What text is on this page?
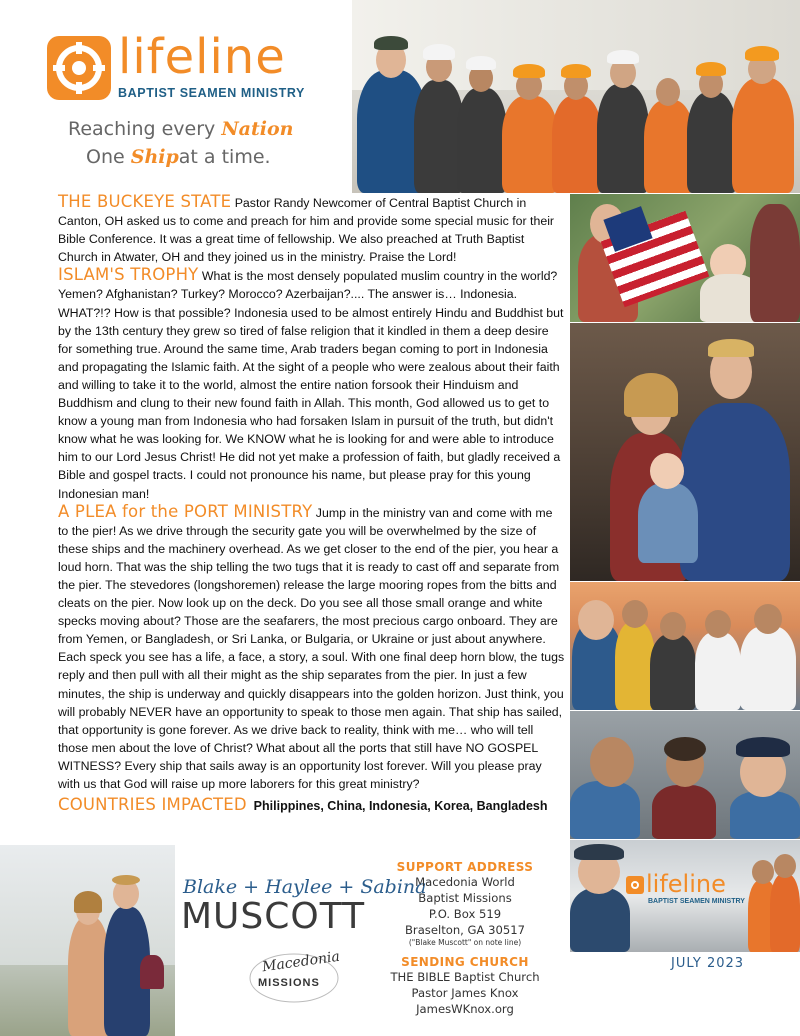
lifeline
BAPTIST SEAMEN MINISTRY
Reaching every Nation
One Shipat a time.
lifeline
BAPTIST SEAMEN MINISTRY

THE BUCKEYE STATE Pastor Randy Newcomer of Central Baptist Church in Canton, OH asked us to come and preach for him and provide some special music for their Bible Conference. It was a great time of fellowship. We also preached at Truth Baptist Church in Atwater, OH and they joined us in the ministry. Praise the Lord!

ISLAM'S TROPHY What is the most densely populated muslim country in the world? Yemen? Afghanistan? Turkey? Morocco? Azerbaijan?.... The answer is… Indonesia. WHAT?!? How is that possible? Indonesia used to be almost entirely Hindu and Buddhist but by the 13th century they grew so tired of false religion that it kindled in them a deep desire for something true. Around the same time, Arab traders began coming to port in Indonesia and propagating the Islamic faith. At the sight of a people who were zealous about their faith and willing to take it to the world, almost the entire nation forsook their Hinduism and Buddhism and clung to their new found faith in Allah. This month, God allowed us to get to know a young man from Indonesia who had forsaken Islam in pursuit of the truth, but didn't know what he was looking for. We KNOW what he is looking for and were able to introduce him to our Lord Jesus Christ! He did not yet make a profession of faith, but gladly received a Bible and gospel tracts. I could not pronounce his name, but please pray for this young Indonesian man!

A PLEA for the PORT MINISTRY Jump in the ministry van and come with me to the pier! As we drive through the security gate you will be overwhelmed by the size of these ships and the machinery overhead. As we get closer to the end of the pier, you hear a loud horn. That was the ship telling the two tugs that it is ready to cast off and separate from the pier. The stevedores (longshoremen) release the large mooring ropes from the bitts and cleats on the pier. Now look up on the deck. Do you see all those small orange and white specks moving about? Those are the seafarers, the most precious cargo onboard. They are from Yemen, or Bangladesh, or Sri Lanka, or Bulgaria, or Ukraine or just about anywhere. Each speck you see has a life, a face, a story, a soul. With one final deep horn blow, the tugs reply and then pull with all their might as the ship separates from the pier. In just a few minutes, the ship is underway and quickly disappears into the golden horizon. Just think, you will probably NEVER have an opportunity to speak to those men again. That ship has sailed, that opportunity is gone forever. As we drive back to reality, think with me… who will tell those men about the love of Christ? What about all the ports that still have NO GOSPEL WITNESS? Every ship that sails away is an opportunity lost forever. Will you please pray with us that God will raise up more laborers for this great ministry?

COUNTRIES IMPACTED Philippines, China, Indonesia, Korea, Bangladesh

Blake + Haylee + Sabina
MUSCOTT
Macedonia
MISSIONS
SUPPORT ADDRESS
Macedonia World
Baptist Missions
P.O. Box 519
Braselton, GA 30517
("Blake Muscott" on note line)
SENDING CHURCH
THE BIBLE Baptist Church
Pastor James Knox
JamesWKnox.org
JULY 2023
